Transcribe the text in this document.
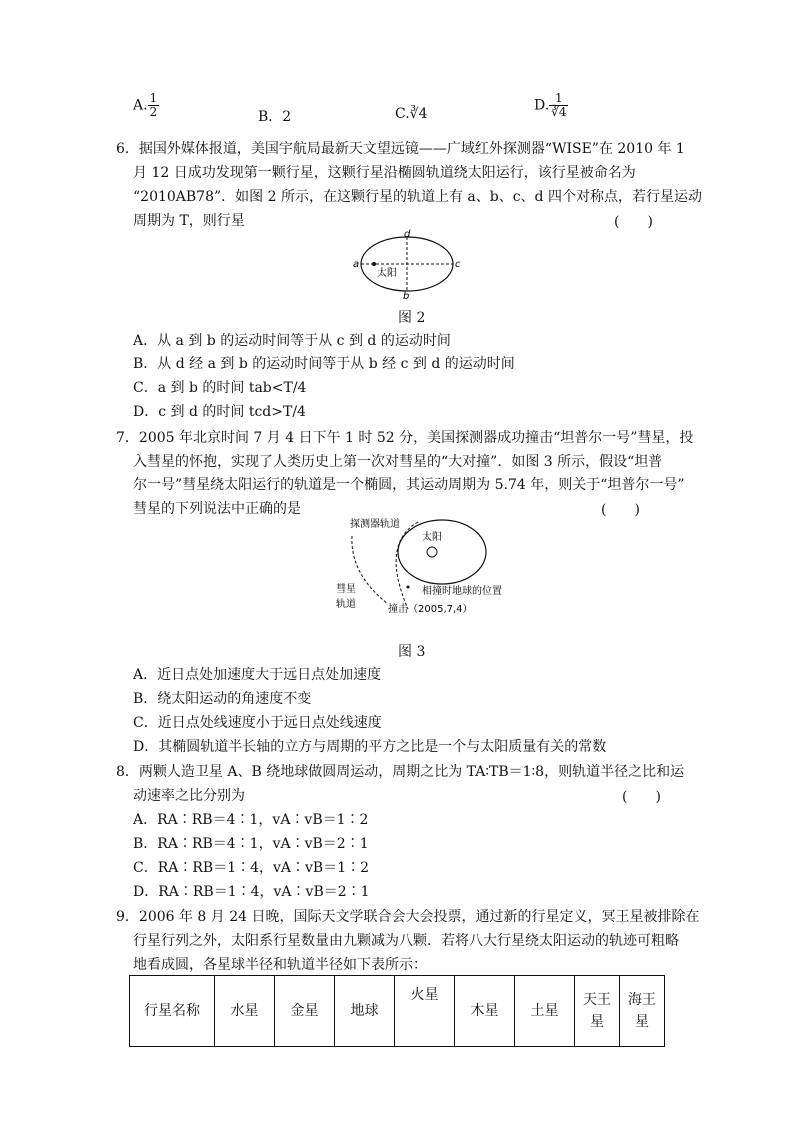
A. $\frac{1}{2}$	B．2	C.∛4
D. $\frac{1}{∛4}$
6．据国外媒体报道，美国宇航局最新天文望远镜——广域红外探测器“WISE”在 2010 年 1
月 12 日成功发现第一颗行星，这颗行星沿椭圆轨道绕太阳运行，该行星被命名为
“2010AB78”．如图 2 所示，在这颗行星的轨道上有 a、b、c、d 四个对称点，若行星运动
周期为 T，则行星	(　　)
d
a	c
b
太阳
图 2
A．从 a 到 b 的运动时间等于从 c 到 d 的运动时间
B．从 d 经 a 到 b 的运动时间等于从 b 经 c 到 d 的运动时间
C．a 到 b 的时间 tab<T/4
D．c 到 d 的时间 tcd>T/4
7．2005 年北京时间 7 月 4 日下午 1 时 52 分，美国探测器成功撞击“坦普尔一号”彗星，投
入彗星的怀抱，实现了人类历史上第一次对彗星的“大对撞”．如图 3 所示，假设“坦普
尔一号”彗星绕太阳运行的轨道是一个椭圆，其运动周期为 5.74 年，则关于“坦普尔一号”
彗星的下列说法中正确的是	(　　)
探测器轨道
太阳
彗星
轨道
相撞时地球的位置
撞击（2005,7,4）
图 3
A．近日点处加速度大于远日点处加速度
B．绕太阳运动的角速度不变
C．近日点处线速度小于远日点处线速度
D．其椭圆轨道半长轴的立方与周期的平方之比是一个与太阳质量有关的常数
8．两颗人造卫星 A、B 绕地球做圆周运动，周期之比为 TA∶TB＝1∶8，则轨道半径之比和运
动速率之比分别为	(　　)
A．RA∶RB＝4∶1，vA∶vB＝1∶2
B．RA∶RB＝4∶1，vA∶vB＝2∶1
C．RA∶RB＝1∶4，vA∶vB＝1∶2
D．RA∶RB＝1∶4，vA∶vB＝2∶1
9．2006 年 8 月 24 日晚，国际天文学联合会大会投票，通过新的行星定义，冥王星被排除在
行星行列之外，太阳系行星数量由九颗减为八颗．若将八大行星绕太阳运动的轨迹可粗略
地看成圆，各星球半径和轨道半径如下表所示：
行星名称	水星	金星	地球	火星	木星	土星	天王星	海王星
